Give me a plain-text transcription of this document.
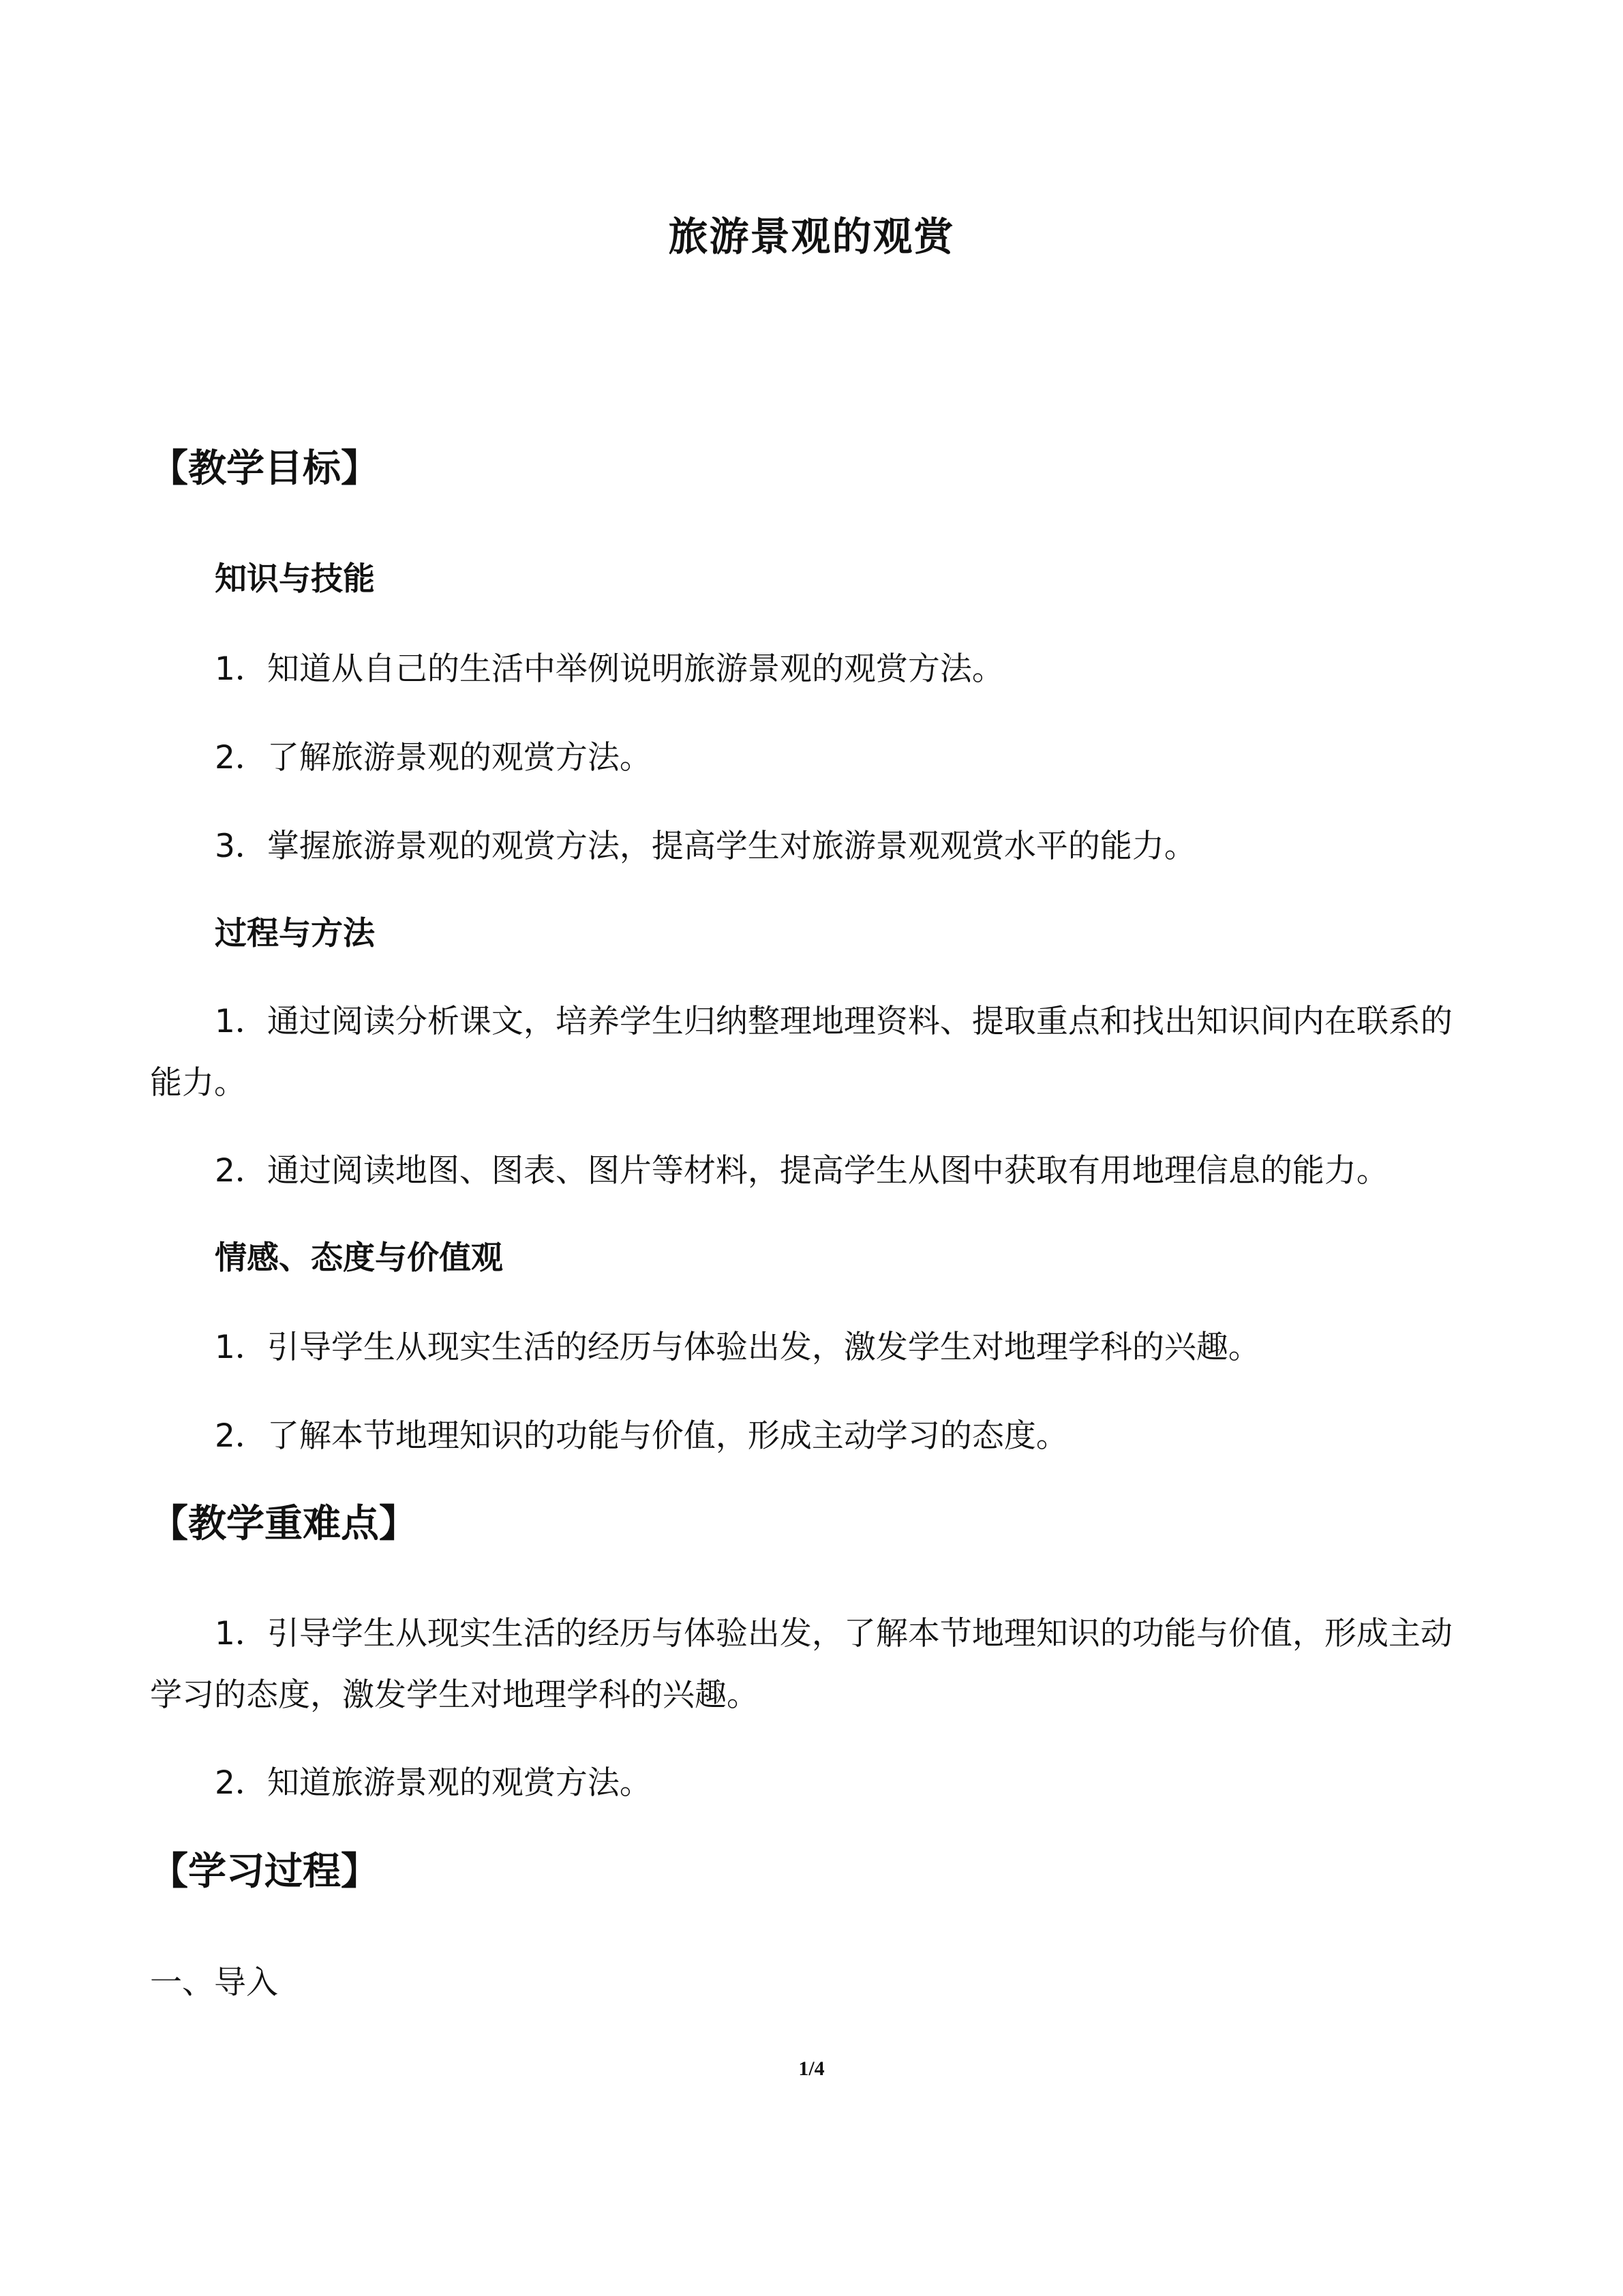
旅游景观的观赏
【教学目标】
知识与技能
1．知道从自己的生活中举例说明旅游景观的观赏方法。
2．了解旅游景观的观赏方法。
3．掌握旅游景观的观赏方法，提高学生对旅游景观观赏水平的能力。
过程与方法
1．通过阅读分析课文，培养学生归纳整理地理资料、提取重点和找出知识间内在联系的
能力。
2．通过阅读地图、图表、图片等材料，提高学生从图中获取有用地理信息的能力。
情感、态度与价值观
1．引导学生从现实生活的经历与体验出发，激发学生对地理学科的兴趣。
2．了解本节地理知识的功能与价值，形成主动学习的态度。
【教学重难点】
1．引导学生从现实生活的经历与体验出发，了解本节地理知识的功能与价值，形成主动
学习的态度，激发学生对地理学科的兴趣。
2．知道旅游景观的观赏方法。
【学习过程】
一、导入
1/4
